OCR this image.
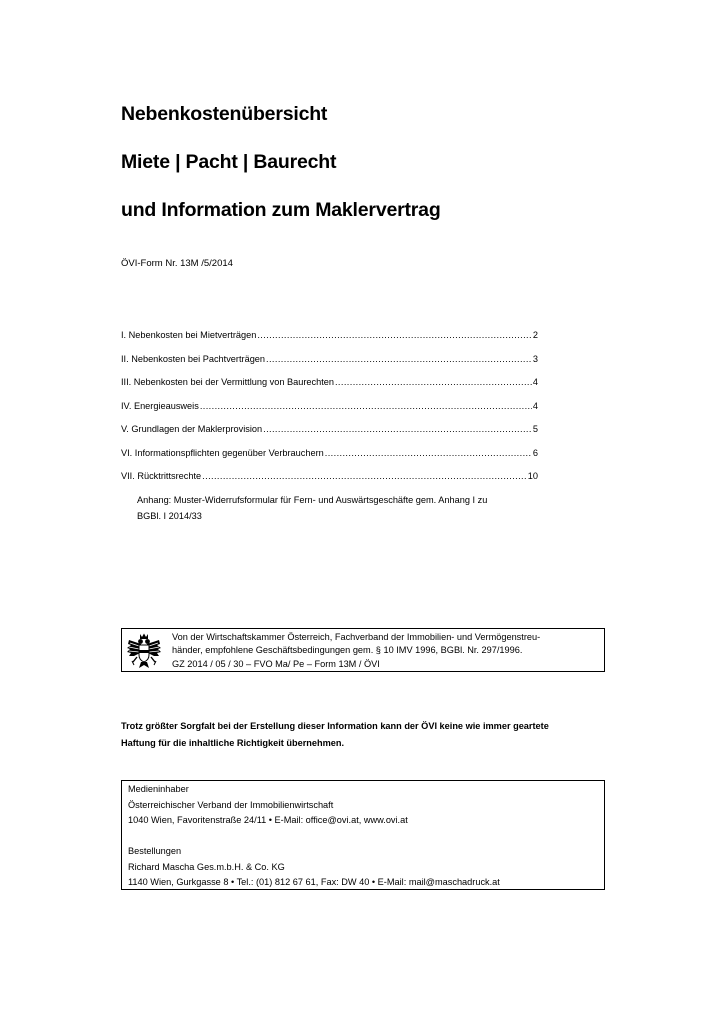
Nebenkostenübersicht
Miete | Pacht | Baurecht
und Information zum Maklervertrag
ÖVI-Form Nr. 13M /5/2014
I. Nebenkosten bei Mietverträgen .....	2
II. Nebenkosten bei Pachtverträgen .....	3
III. Nebenkosten bei der Vermittlung von Baurechten .....	4
IV. Energieausweis .....	4
V. Grundlagen der Maklerprovision .....	5
VI. Informationspflichten gegenüber Verbrauchern .....	6
VII. Rücktrittsrechte .....	10
Anhang: Muster-Widerrufsformular für Fern- und Auswärtsgeschäfte gem. Anhang I zu
BGBl. I 2014/33
Von der Wirtschaftskammer Österreich, Fachverband der Immobilien- und Vermögenstreu-
händer, empfohlene Geschäftsbedingungen gem. § 10 IMV 1996, BGBl. Nr. 297/1996.
GZ 2014 / 05 / 30 – FVO Ma/ Pe – Form 13M / ÖVI
Trotz größter Sorgfalt bei der Erstellung dieser Information kann der ÖVI keine wie immer geartete
Haftung für die inhaltliche Richtigkeit übernehmen.
Medieninhaber
Österreichischer Verband der Immobilienwirtschaft
1040 Wien, Favoritenstraße 24/11 • E-Mail: office@ovi.at, www.ovi.at
Bestellungen
Richard Mascha Ges.m.b.H. & Co. KG
1140 Wien, Gurkgasse 8 • Tel.: (01) 812 67 61, Fax: DW 40 • E-Mail: mail@maschadruck.at
